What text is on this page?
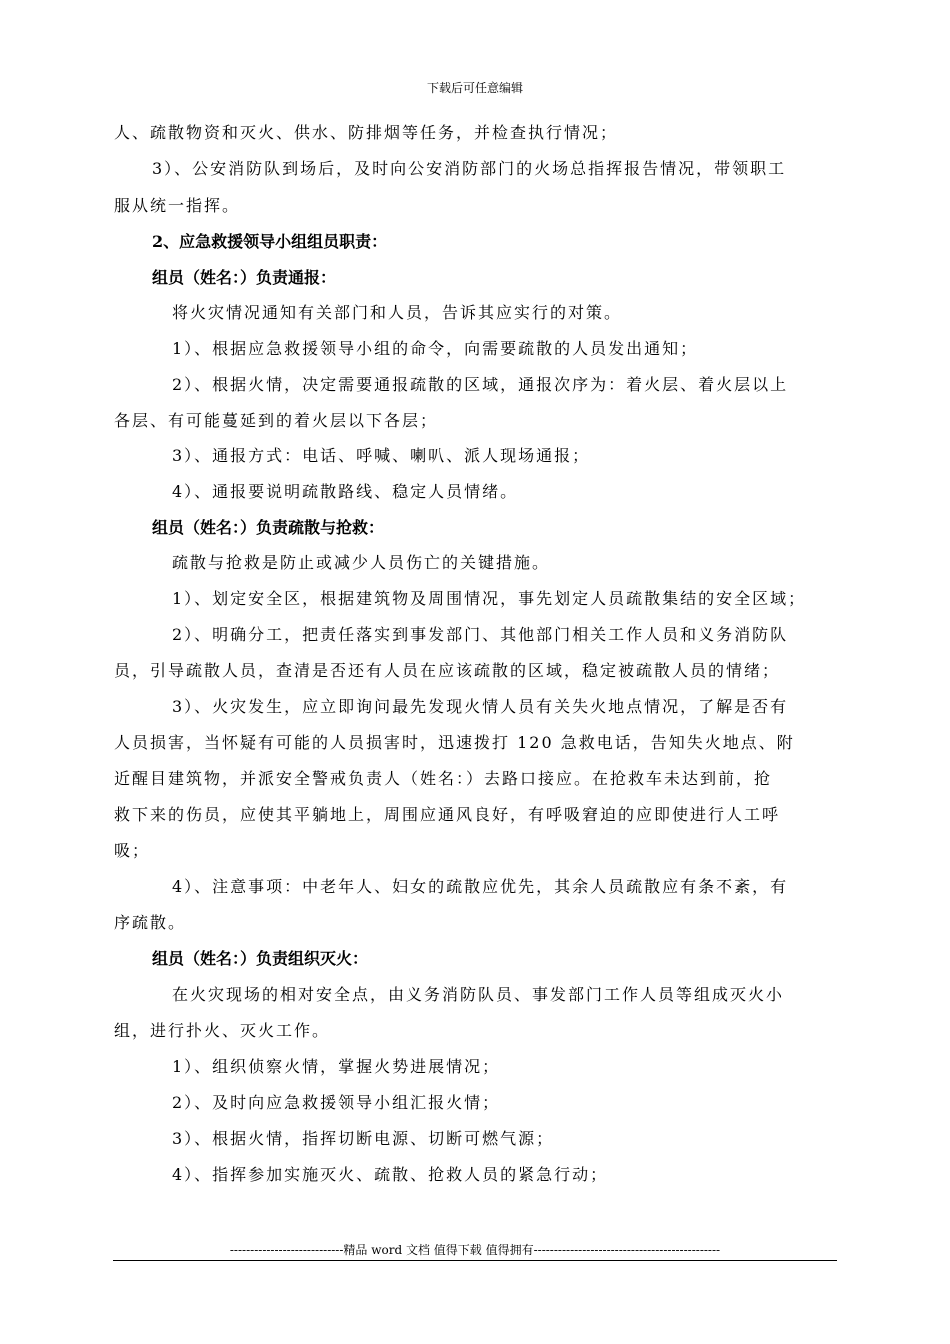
下载后可任意编辑
人、疏散物资和灭火、供水、防排烟等任务，并检查执行情况；
3）、公安消防队到场后，及时向公安消防部门的火场总指挥报告情况，带领职工
服从统一指挥。
2、应急救援领导小组组员职责：
组员（姓名：）负责通报：
将火灾情况通知有关部门和人员，告诉其应实行的对策。
1）、根据应急救援领导小组的命令，向需要疏散的人员发出通知；
2）、根据火情，决定需要通报疏散的区域，通报次序为：着火层、着火层以上
各层、有可能蔓延到的着火层以下各层；
3）、通报方式：电话、呼喊、喇叭、派人现场通报；
4）、通报要说明疏散路线、稳定人员情绪。
组员（姓名：）负责疏散与抢救：
疏散与抢救是防止或减少人员伤亡的关键措施。
1）、划定安全区，根据建筑物及周围情况，事先划定人员疏散集结的安全区域；
2）、明确分工，把责任落实到事发部门、其他部门相关工作人员和义务消防队
员，引导疏散人员，查清是否还有人员在应该疏散的区域，稳定被疏散人员的情绪；
3）、火灾发生，应立即询问最先发现火情人员有关失火地点情况，了解是否有
人员损害，当怀疑有可能的人员损害时，迅速拨打 120 急救电话，告知失火地点、附
近醒目建筑物，并派安全警戒负责人（姓名：）去路口接应。在抢救车未达到前，抢
救下来的伤员，应使其平躺地上，周围应通风良好，有呼吸窘迫的应即使进行人工呼
吸；
4）、注意事项：中老年人、妇女的疏散应优先，其余人员疏散应有条不紊，有
序疏散。
组员（姓名：）负责组织灭火：
在火灾现场的相对安全点，由义务消防队员、事发部门工作人员等组成灭火小
组，进行扑火、灭火工作。
1）、组织侦察火情，掌握火势进展情况；
2）、及时向应急救援领导小组汇报火情；
3）、根据火情，指挥切断电源、切断可燃气源；
4）、指挥参加实施灭火、疏散、抢救人员的紧急行动；
----------------------------精品 word 文档 值得下载 值得拥有----------------------------------------------
